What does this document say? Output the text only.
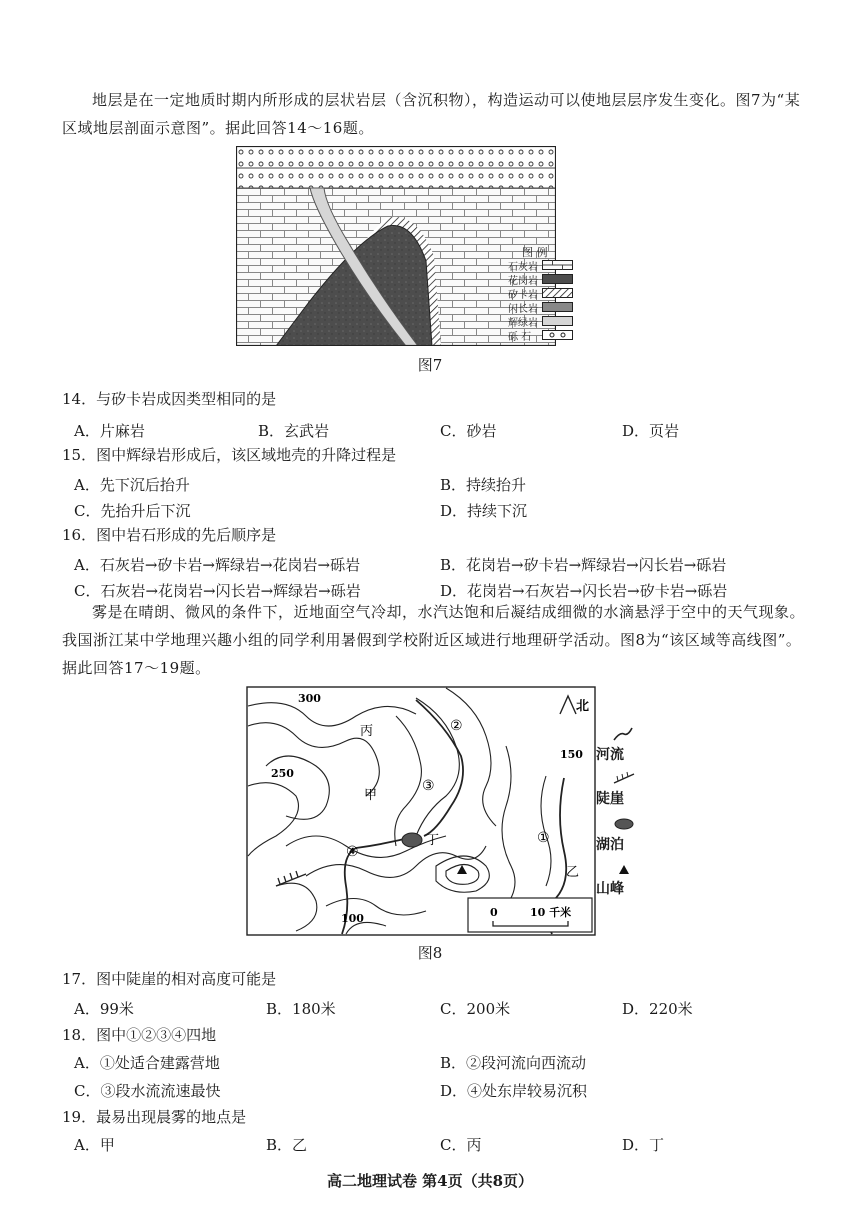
地层是在一定地质时期内所形成的层状岩层（含沉积物），构造运动可以使地层层序发生变化。图7为“某区域地层剖面示意图”。据此回答14～16题。

图 例
石灰岩
花岗岩
矽卡岩
闪长岩
辉绿岩
砾 石
图7

14．与矽卡岩成因类型相同的是

A．片麻岩	B．玄武岩	C．砂岩	D．页岩

15．图中辉绿岩形成后，该区域地壳的升降过程是

A．先下沉后抬升	B．持续抬升
C．先抬升后下沉	D．持续下沉

16．图中岩石形成的先后顺序是

A．石灰岩→矽卡岩→辉绿岩→花岗岩→砾岩	B．花岗岩→矽卡岩→辉绿岩→闪长岩→砾岩
C．石灰岩→花岗岩→闪长岩→辉绿岩→砾岩	D．花岗岩→石灰岩→闪长岩→矽卡岩→砾岩

雾是在晴朗、微风的条件下，近地面空气冷却，水汽达饱和后凝结成细微的水滴悬浮于空中的天气现象。我国浙江某中学地理兴趣小组的同学利用暑假到学校附近区域进行地理研学活动。图8为“该区域等高线图”。据此回答17～19题。

北
300
250
150
100
丙
甲
丁
乙
①
②
③
④
0	10 千米
河流
陡崖
湖泊
山峰
图8

17．图中陡崖的相对高度可能是

A．99米	B．180米	C．200米	D．220米

18．图中①②③④四地

A．①处适合建露营地	B．②段河流向西流动
C．③段水流流速最快	D．④处东岸较易沉积

19．最易出现晨雾的地点是

A．甲	B．乙	C．丙	D．丁
高二地理试卷 第4页（共8页）
